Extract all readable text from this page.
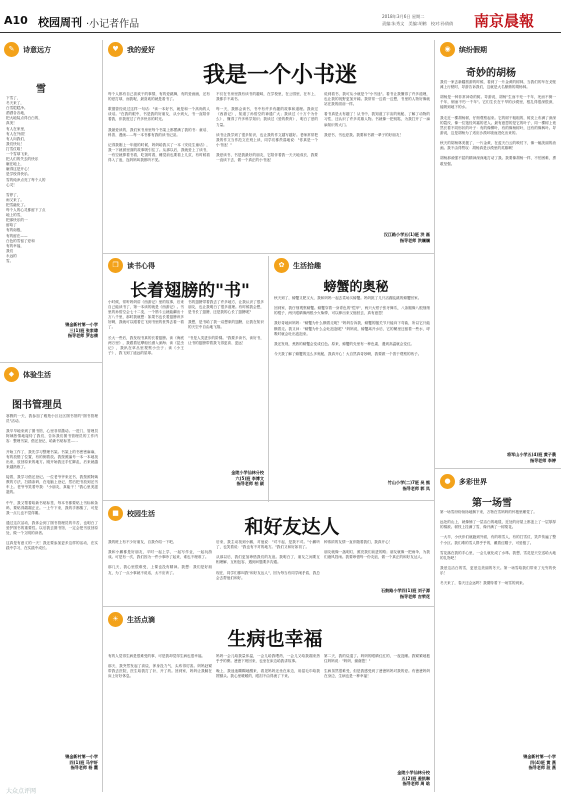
A10 校园周刊 ·小记者作品
2018年3月6日 星期二
责编:朱秀文　美编:胡鹤　校对:孙倩倩 南京晨報
✎	诗意远方
雪
下雪了，
冬天来了，
白雪皑皑净。
洒洒各各地，
把大地装点得白白的，
真美！
有人在家里，
有人在外面！
有人向我们，
我们快玩！
打雪仗啦！
一个雪球飞来，
把人们的失去的快乐
砸在地上，
砸得这是开心！
是学校得快乐。
雪的纯净点亮了每个人的
心灵！

雪停了，
雨又来了。
把雪融化了。
每个人的心灵都留下了点
地上的雪，
把那快乐的一
留给了
有的南极，
有的留在——
白色的雪留了爱和
有的幸福，
我们
永远的
雪。
锦金新村第一小学
三(1)班 张家瑋
指导老师 罗志倩
◆	体验生活
图书管理员
寒假的一天，我参加了雅苑小区社区图书馆的"图书管理员"活动。

我早早地来到了图书馆，心里非常激动。一进门，管理员阿姨热情地接待了我们，告诉我们图书管理员的工作内容：整理书架、借还登记、给新书贴标签……

开始工作了，我先学习整理书架。书架上的书密密麻麻，有的放错了位置，有的倒着放。我按照编号一本一本地找出来，放回原来的地方。刚开始我还手忙脚乱，后来就越来越熟练了。

接着，我学习借还登记。一位老爷爷来还书，我按照阿姨教的方法，扫描条码，在电脑上登记，然后把书放到还书车上。老爷爷笑着夸我："小朋友，真能干！"我心里美滋滋的。

中午，我又帮着给新书贴标签，每本书都要贴上书标和条码，要贴得端端正正。一上午下来，我的手都酸了，可是我一点儿也不觉得累。

通过这次活动，我体会到了图书管理员的辛苦，也明白了爱护图书的重要性。以后我去图书馆，一定会把书放回原处，做一个文明的读者。

这真是有意义的一天！我还要参加更多这样的活动，在实践中学习，在实践中成长。
锦金新村第一小学
四(1)班 马宇轩
指导老师 杨 霞
♥	我的爱好
我是一个小书迷
每个人都有自己喜欢干的事情，有的爱跳舞，有的爱画画，还有的爱打球，而我呢，最喜欢的就是看书了。

歌德曾经说过这样一句话："读一本好书，就是和一个高尚的人谈话。"在我的眼中，书是我的好朋友，从小到大，书一直陪伴着我，伴我度过了许多快乐的时光。

我最爱读的，我们家书房里每个书架上都摆满了我的书：童话、科普、漫画……每一本书都有我的读书记录。

记得我刚上一年级的时候，妈妈给我买了一本《安徒生童话》，我一下就被里面的故事吸引住了。从那以后，我就爱上了读书，一有空就捧着书看，吃饭时看，睡觉前也要看上几页，有时候看得入了迷，连妈妈叫我都听不见。
不仅在书房里我有读书的趣味，在学校里，在公园里，在车上，我都手不离书。

每一天，我都会读书，书中有许多有趣的故事和道理。我读过《西游记》，知道了孙悟空的神通广大；我读过《十万个为什么》，懂得了许多科学知识；我读过《爱的教育》，明白了爱的力量。

读书让我学到了很多知识，也让我的作文越写越好。老师常常把我的作文当作范文在班上读，同学们都羡慕地说："你真是一个小书迷！"

我爱读书，书是我最好的朋友，它陪伴着我一天天地成长，我要一直读下去，做一个真正的小书迷！
说到看书，我可从小就是个"小书迷"。看书让我懂得了许多道理，也让我的视野更加开阔。我常常一边看一边想，书里的人物好像就站在我的面前一样。

看书真是太有趣了！从书中，我知道了宇宙的奥秘，了解了动物的习性，还认识了许多英雄人物。书就像一把钥匙，为我打开了一扇扇知识的大门。

我爱书，书也爱我。我要和书做一辈子的好朋友！
汉江路小学五(1)班 洪 磊
指导老师 洪斓斓
❐	读书心得
长着翅膀的"书"
小时候，常听妈妈讲《西游记》里的故事，后来自己能读书了，第一本读的就是《西游记》。书里的孙悟空会七十二变，一个筋斗云就能翻出十万八千里，那时我就想：如果书也长着翅膀该多好啊，我就可以跟着它飞到书里的世界去看一看了。

长大一些后，我发现书真的长着翅膀。读《海底两万里》，我跟着尼摩船长潜入深海；读《昆虫记》，我趴在草丛里观察小虫子；读《小王子》，我飞到了遥远的星球。
书的翅膀带着我去了许多地方，让我认识了很多朋友，也让我明白了很多道理。有时候我会想，是书长了翅膀，还是我的心长了翅膀呢？

我想，是书给了我一双想象的翅膀，让我在知识的天空中自由地飞翔。

"书是人类进步的阶梯。"我要多读书，读好书，让书的翅膀带着我飞得更高、更远！
金陵小学仙林分校
六(5)班 李博文
指导老师 柏 颖
✿	生活拾趣
螃蟹的奥秘
秋天到了，螃蟹又肥又大，我和妈妈一起去菜场买螃蟹。妈妈挑了几只活蹦乱跳的螃蟹回家。

回到家，我仔细观察螃蟹。螃蟹穿着一身青色的"铠甲"，两只大钳子张牙舞爪，八条腿像八根细细的棍子，两只眼睛像两根小火柴棒，可以伸出来又缩回去，真有意思！

我好奇地问妈妈："螃蟹为什么横着走呢？"妈妈告诉我，螃蟹的腿关节只能向下弯曲，所以它只能横着走。我又问："螃蟹为什么会吐泡泡呢？"妈妈说，螃蟹离开水后，它的鳃里还留着一些水，呼吸时就会吐出泡泡来。

我还发现，煮熟的螃蟹会变成红色。原来，螃蟹的壳里有一种色素，遇到高温就会变红。

今天我了解了螃蟹的这么多奥秘，我真开心！大自然真奇妙啊，我要做一个善于观察的孩子。
竹山小学(二)7班 吴 熊
指导老师 郭 凤
■	校园生活
和好友达人
我的班上有不少好朋友，自我介绍一下吧。

我和小鹏都是好朋友，平时一起上学，一起写作业，一起玩游戏。可是有一次，我们因为一件小事吵了起来，谁也不理谁了。

那几天，我心里很难受，上课也没有精神。我想：我们是好朋友，为了一点小事就不说话，太不应该了。
后来，我主动找到小鹏，对他说："对不起，是我不对。"小鹏听了，也笑着说："我也有不对的地方。"我们又和好如初了。

从那以后，我们更加珍惜我们的友谊。我明白了，朋友之间要互相理解、互相包容，遇到问题要多沟通。

现在，同学们都叫我"和好友达人"，因为每当有同学闹矛盾，我总会去帮他们和好。
种浓浓的友情一直伴随着我们，我真开心！

朋友就像一盏明灯，照亮我们前进的路；朋友就像一把雨伞，为我们遮风挡雨。我要珍惜每一份友谊，做一个真正的和好友达人。
石鼓路小学四(1)班 刘子源
指导老师 吉荣花
☀	生活点滴
生病也幸福
有的人觉得生病是很难受的事，可是我却觉得生病也很幸福。

那天，我突然发起了高烧，浑身没力气，头疼得厉害。妈妈赶紧带我去医院，医生给我打了针，开了药。回到家，妈妈让我躺在床上好好休息。
妈妈一会儿给我量体温，一会儿给我喂药，一会儿又给我端来热乎乎的粥。爸爸下班回来，也坐在床边给我讲故事。

晚上，我迷迷糊糊地醒来，看见妈妈还坐在床边，用湿毛巾给我擦额头。我心里暖暖的，眼泪不由得流了下来。
第二天，我的烧退了。妈妈的眼睛红红的，一夜没睡。我紧紧地抱住妈妈说："妈妈，谢谢您！"

生病虽然很难受，但是我感受到了爸爸妈妈对我的爱。有爸爸妈妈在身边，生病也是一种幸福！
金陵小学仙林分校
五(2)班 姜凯琳
指导老师 周 晗
◉	缤纷假期
奇妙的胡杨
我们一家去新疆旅游的时候，看到了一片金黄的树林，当我们的车在戈壁滩上行驶时，导游告诉我们，这就是大名鼎鼎的胡杨林。

胡杨是一种非常神奇的树。导游说，胡杨"生而不死一千年，死而不倒一千年，倒而不朽一千年"。它们生长在干旱的沙漠里，根扎得很深很深，能吸到地下的水。

我走近一棵胡杨树，仔细观察起来。它的树干粗粗的，树皮上布满了深深的裂纹，像一位饱经风霜的老人。最有意思的是它的叶子，同一棵树上竟然长着不同形状的叶子：有的像柳叶，有的像杨树叶，还有的像枫叶。导游说，这是胡杨为了适应沙漠环境而进化出来的。

秋天的胡杨林美极了，一片金黄，在蓝天白云的映衬下，像一幅美丽的油画。我不由得赞叹：胡杨真是沙漠里的英雄啊！

胡杨那顽强不屈的精神深深地打动了我。我要像胡杨一样，不怕困难，勇敢坚强。
将军山小学五(4)班 黄子晨
指导老师 李婷
●	多彩世界
第一场雪
第一场雪纷纷扬扬地飘下来，万物在雪妈妈的怀抱里睡觉了。

远处的山上，就像铺了一层洁白的地毯，近处的房屋上都盖上了一层厚厚的棉被。树枝上挂满了雪，像开满了一树梨花。

一大早，小伙伴们就跑到外面，有的堆雪人，有的打雪仗，笑声传遍了整个小区。我们堆的雪人胖乎乎的，戴着红帽子，可爱极了。

雪花落在我的手心里，一会儿就化成了水珠。我想，雪花是天空送给大地的礼物吧！

我爱这洁白的雪，更爱这美丽的冬天。第一场雪给我们带来了无穷的快乐！

冬天来了，春天还会远吗？我期待着下一场雪的到来。
锦金新村第一小学
四(4)班 黄 燕
指导老师 段 燕
大众点评网
